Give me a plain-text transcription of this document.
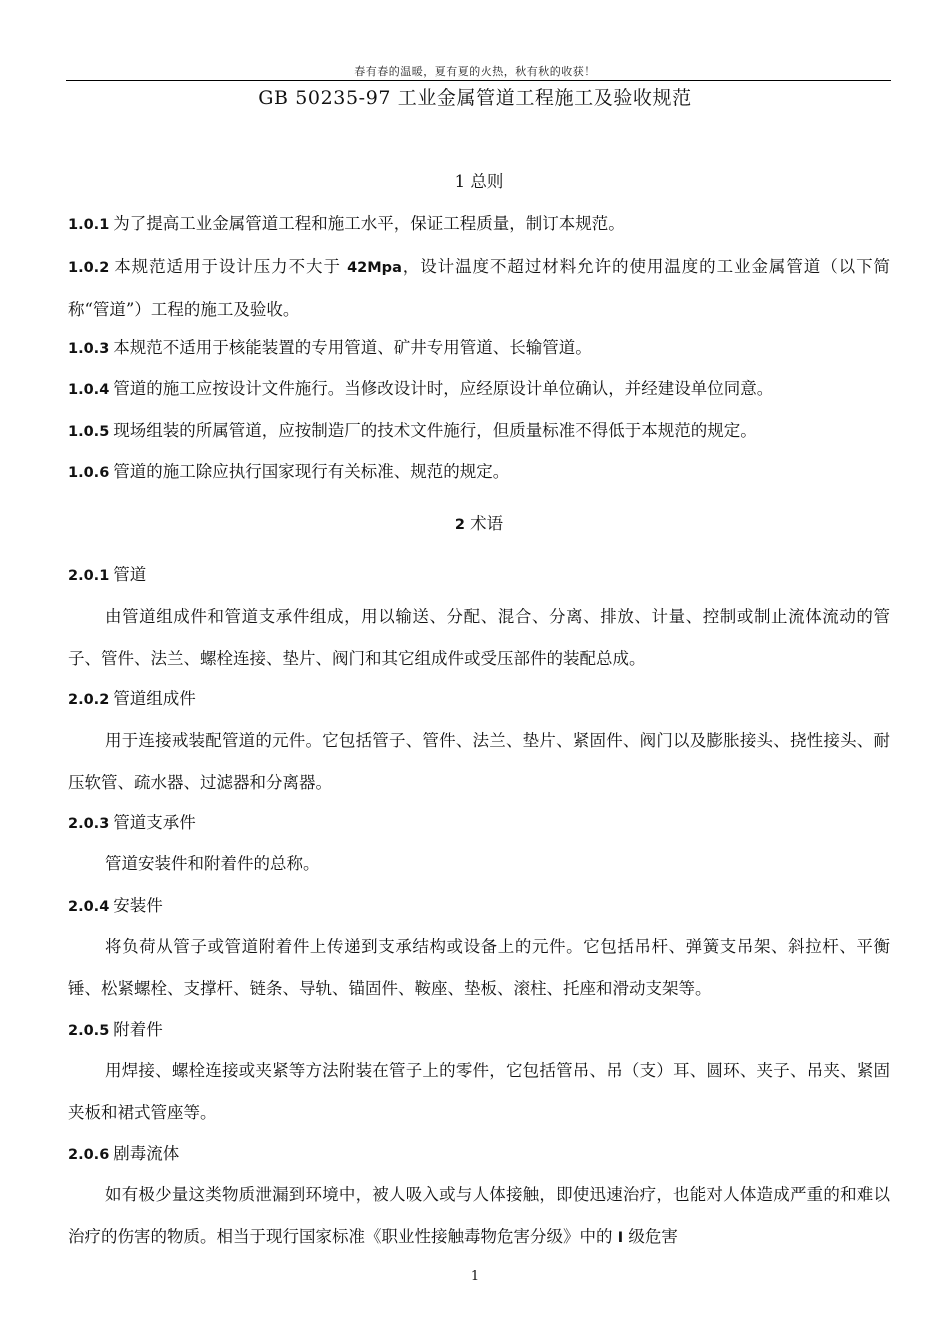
春有春的温暖，夏有夏的火热，秋有秋的收获！
GB 50235-97 工业金属管道工程施工及验收规范
1 总则
1.0.1 为了提高工业金属管道工程和施工水平，保证工程质量，制订本规范。
1.0.2 本规范适用于设计压力不大于 42Mpa，设计温度不超过材料允许的使用温度的工业金属管道（以下简称“管道”）工程的施工及验收。
1.0.3 本规范不适用于核能装置的专用管道、矿井专用管道、长输管道。
1.0.4 管道的施工应按设计文件施行。当修改设计时，应经原设计单位确认，并经建设单位同意。
1.0.5 现场组装的所属管道，应按制造厂的技术文件施行，但质量标准不得低于本规范的规定。
1.0.6 管道的施工除应执行国家现行有关标准、规范的规定。
2 术语
2.0.1 管道
由管道组成件和管道支承件组成，用以输送、分配、混合、分离、排放、计量、控制或制止流体流动的管子、管件、法兰、螺栓连接、垫片、阀门和其它组成件或受压部件的装配总成。
2.0.2 管道组成件
用于连接戒装配管道的元件。它包括管子、管件、法兰、垫片、紧固件、阀门以及膨胀接头、挠性接头、耐压软管、疏水器、过滤器和分离器。
2.0.3 管道支承件
管道安装件和附着件的总称。
2.0.4 安装件
将负荷从管子或管道附着件上传递到支承结构或设备上的元件。它包括吊杆、弹簧支吊架、斜拉杆、平衡锤、松紧螺栓、支撑杆、链条、导轨、锚固件、鞍座、垫板、滚柱、托座和滑动支架等。
2.0.5 附着件
用焊接、螺栓连接或夹紧等方法附装在管子上的零件，它包括管吊、吊（支）耳、圆环、夹子、吊夹、紧固夹板和裙式管座等。
2.0.6 剧毒流体
如有极少量这类物质泄漏到环境中，被人吸入或与人体接触，即使迅速治疗，也能对人体造成严重的和难以治疗的伤害的物质。相当于现行国家标准《职业性接触毒物危害分级》中的 I 级危害
1
